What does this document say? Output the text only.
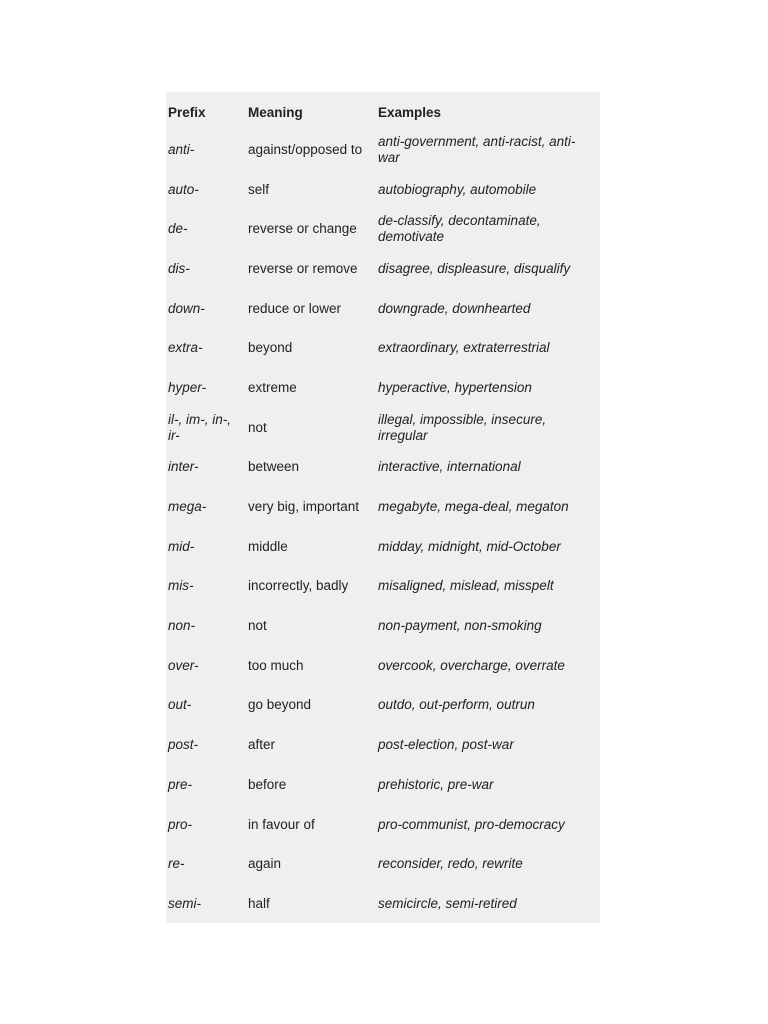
Prefix	Meaning	Examples
anti-	against/opposed to	anti-government, anti-racist, anti-war
auto-	self	autobiography, automobile
de-	reverse or change	de-classify, decontaminate, demotivate
dis-	reverse or remove	disagree, displeasure, disqualify
down-	reduce or lower	downgrade, downhearted
extra-	beyond	extraordinary, extraterrestrial
hyper-	extreme	hyperactive, hypertension
il-, im-, in-, ir-	not	illegal, impossible, insecure, irregular
inter-	between	interactive, international
mega-	very big, important	megabyte, mega-deal, megaton
mid-	middle	midday, midnight, mid-October
mis-	incorrectly, badly	misaligned, mislead, misspelt
non-	not	non-payment, non-smoking
over-	too much	overcook, overcharge, overrate
out-	go beyond	outdo, out-perform, outrun
post-	after	post-election, post-war
pre-	before	prehistoric, pre-war
pro-	in favour of	pro-communist, pro-democracy
re-	again	reconsider, redo, rewrite
semi-	half	semicircle, semi-retired
